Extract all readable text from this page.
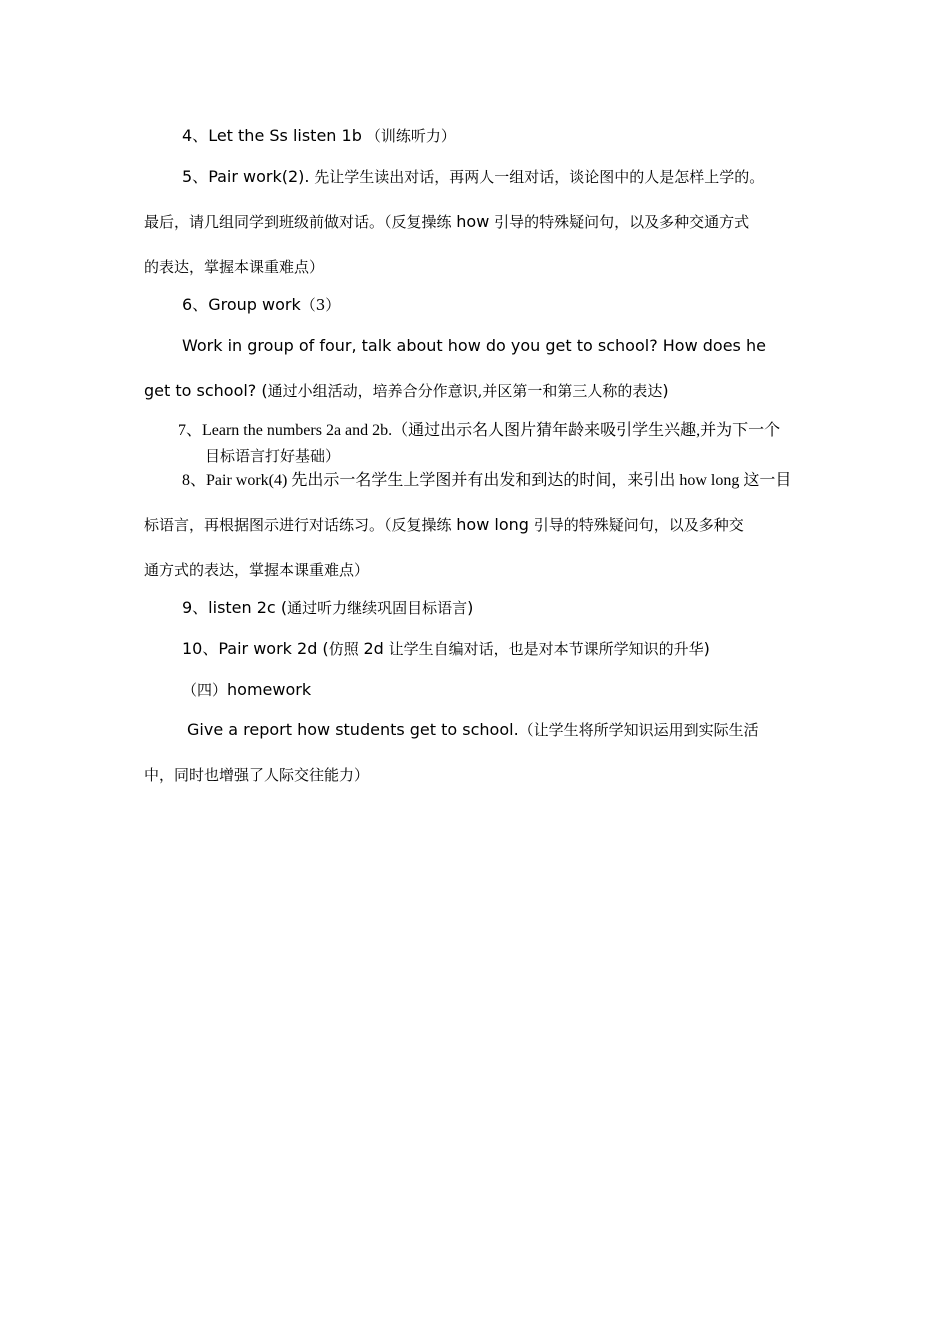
4、Let the Ss listen 1b （训练听力）
5、Pair work(2). 先让学生读出对话，再两人一组对话，谈论图中的人是怎样上学的。
最后，请几组同学到班级前做对话。（反复操练 how 引导的特殊疑问句，以及多种交通方式
的表达，掌握本课重难点）
6、Group work（3）
Work in group of four, talk about how do you get to school? How does he
get to school? (通过小组活动，培养合分作意识,并区第一和第三人称的表达)
7、Learn the numbers 2a and 2b.（通过出示名人图片猜年龄来吸引学生兴趣,并为下一个
目标语言打好基础）
8、Pair work(4) 先出示一名学生上学图并有出发和到达的时间，来引出 how long 这一目
标语言，再根据图示进行对话练习。（反复操练 how long 引导的特殊疑问句，以及多种交
通方式的表达，掌握本课重难点）
9、listen 2c (通过听力继续巩固目标语言)
10、Pair work 2d (仿照 2d 让学生自编对话，也是对本节课所学知识的升华)
（四）homework
Give a report how students get to school.（让学生将所学知识运用到实际生活
中，同时也增强了人际交往能力）
